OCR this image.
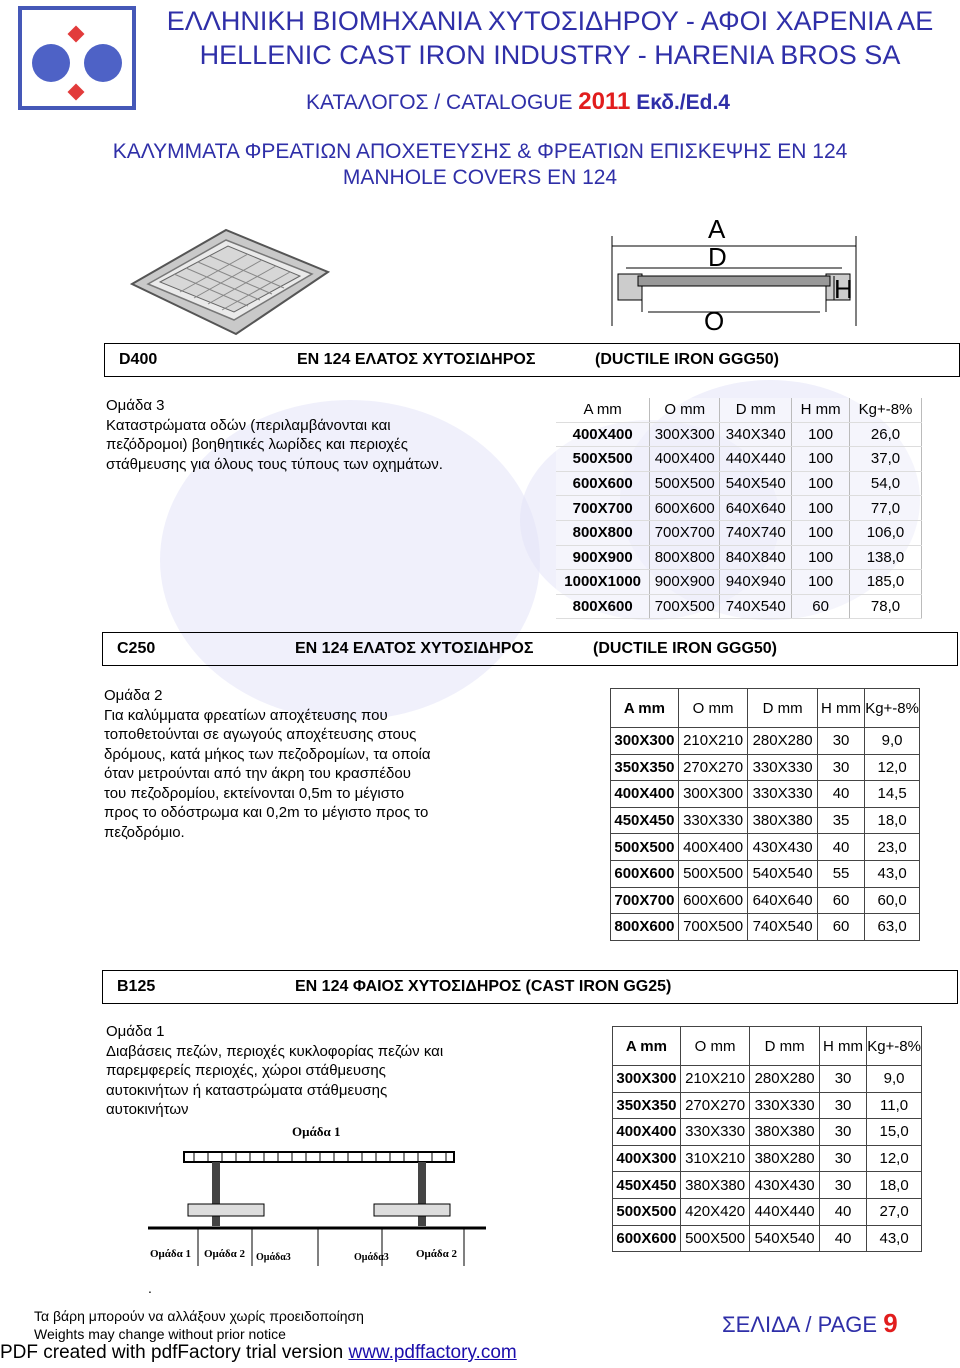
ΕΛΛΗΝΙΚΗ ΒΙΟΜΗΧΑΝΙΑ ΧΥΤΟΣΙΔΗΡΟΥ - ΑΦΟΙ ΧΑΡΕΝΙΑ ΑΕ
HELLENIC CAST IRON INDUSTRY - HARENIA BROS SA
ΚΑΤΑΛΟΓΟΣ / CATALOGUE 2011 Εκδ./Ed.4
ΚΑΛΥΜΜΑΤΑ ΦΡΕΑΤΙΩΝ ΑΠΟΧΕΤΕΥΣΗΣ & ΦΡΕΑΤΙΩΝ ΕΠΙΣΚΕΨΗΣ ΕΝ 124
MANHOLE COVERS EN 124
A
D
H
O
D400	EN 124 ΕΛΑΤΟΣ ΧΥΤΟΣΙΔΗΡΟΣ	(DUCTILE IRON GGG50)
Ομάδα 3
Καταστρώματα οδών (περιλαμβάνονται και
πεζόδρομοι) βοηθητικές λωρίδες και περιοχές
στάθμευσης για όλους τους τύπους των οχημάτων.
A mm	O mm	D mm	H mm	Kg+-8%
400X400	300X300	340X340	100	26,0
500X500	400X400	440X440	100	37,0
600X600	500X500	540X540	100	54,0
700X700	600X600	640X640	100	77,0
800X800	700X700	740X740	100	106,0
900X900	800X800	840X840	100	138,0
1000X1000	900X900	940X940	100	185,0
800X600	700X500	740X540	60	78,0
C250	EN 124 ΕΛΑΤΟΣ ΧΥΤΟΣΙΔΗΡΟΣ	(DUCTILE IRON GGG50)
Ομάδα 2
Για καλύμματα φρεατίων αποχέτευσης που
τοποθετούνται σε αγωγούς αποχέτευσης στους
δρόμους, κατά μήκος των πεζοδρομίων, τα οποία
όταν μετρούνται από την άκρη του κρασπέδου
του πεζοδρομίου, εκτείνονται 0,5m το μέγιστο
προς το οδόστρωμα και 0,2m το μέγιστο προς το
πεζοδρόμιο.
A mm	O mm	D mm	H mm	Kg+-8%
300X300	210X210	280X280	30	9,0
350X350	270X270	330X330	30	12,0
400X400	300X300	330X330	40	14,5
450X450	330X330	380X380	35	18,0
500X500	400X400	430X430	40	23,0
600X600	500X500	540X540	55	43,0
700X700	600X600	640X640	60	60,0
800X600	700X500	740X540	60	63,0
B125	EN 124 ΦΑΙΟΣ ΧΥΤΟΣΙΔΗΡΟΣ (CAST IRON GG25)
Ομάδα 1
Διαβάσεις πεζών, περιοχές κυκλοφορίας πεζών και
παρεμφερείς περιοχές, χώροι στάθμευσης
αυτοκινήτων ή καταστρώματα στάθμευσης
αυτοκινήτων
A mm	O mm	D mm	H mm	Kg+-8%
300X300	210X210	280X280	30	9,0
350X350	270X270	330X330	30	11,0
400X400	330X330	380X380	30	15,0
400X300	310X210	380X280	30	12,0
450X450	380X380	430X430	30	18,0
500X500	420X420	440X440	40	27,0
600X600	500X500	540X540	40	43,0
Ομάδα 1
Ομάδα 1 Ομάδα 2 Ομάδα3	Ομάδα3 Ομάδα 2
.
Τα βάρη μπορούν να αλλάξουν χωρίς προειδοποίηση
Weights may change without prior notice	ΣΕΛΙΔΑ / PAGE 9
PDF created with pdfFactory trial version www.pdffactory.com
